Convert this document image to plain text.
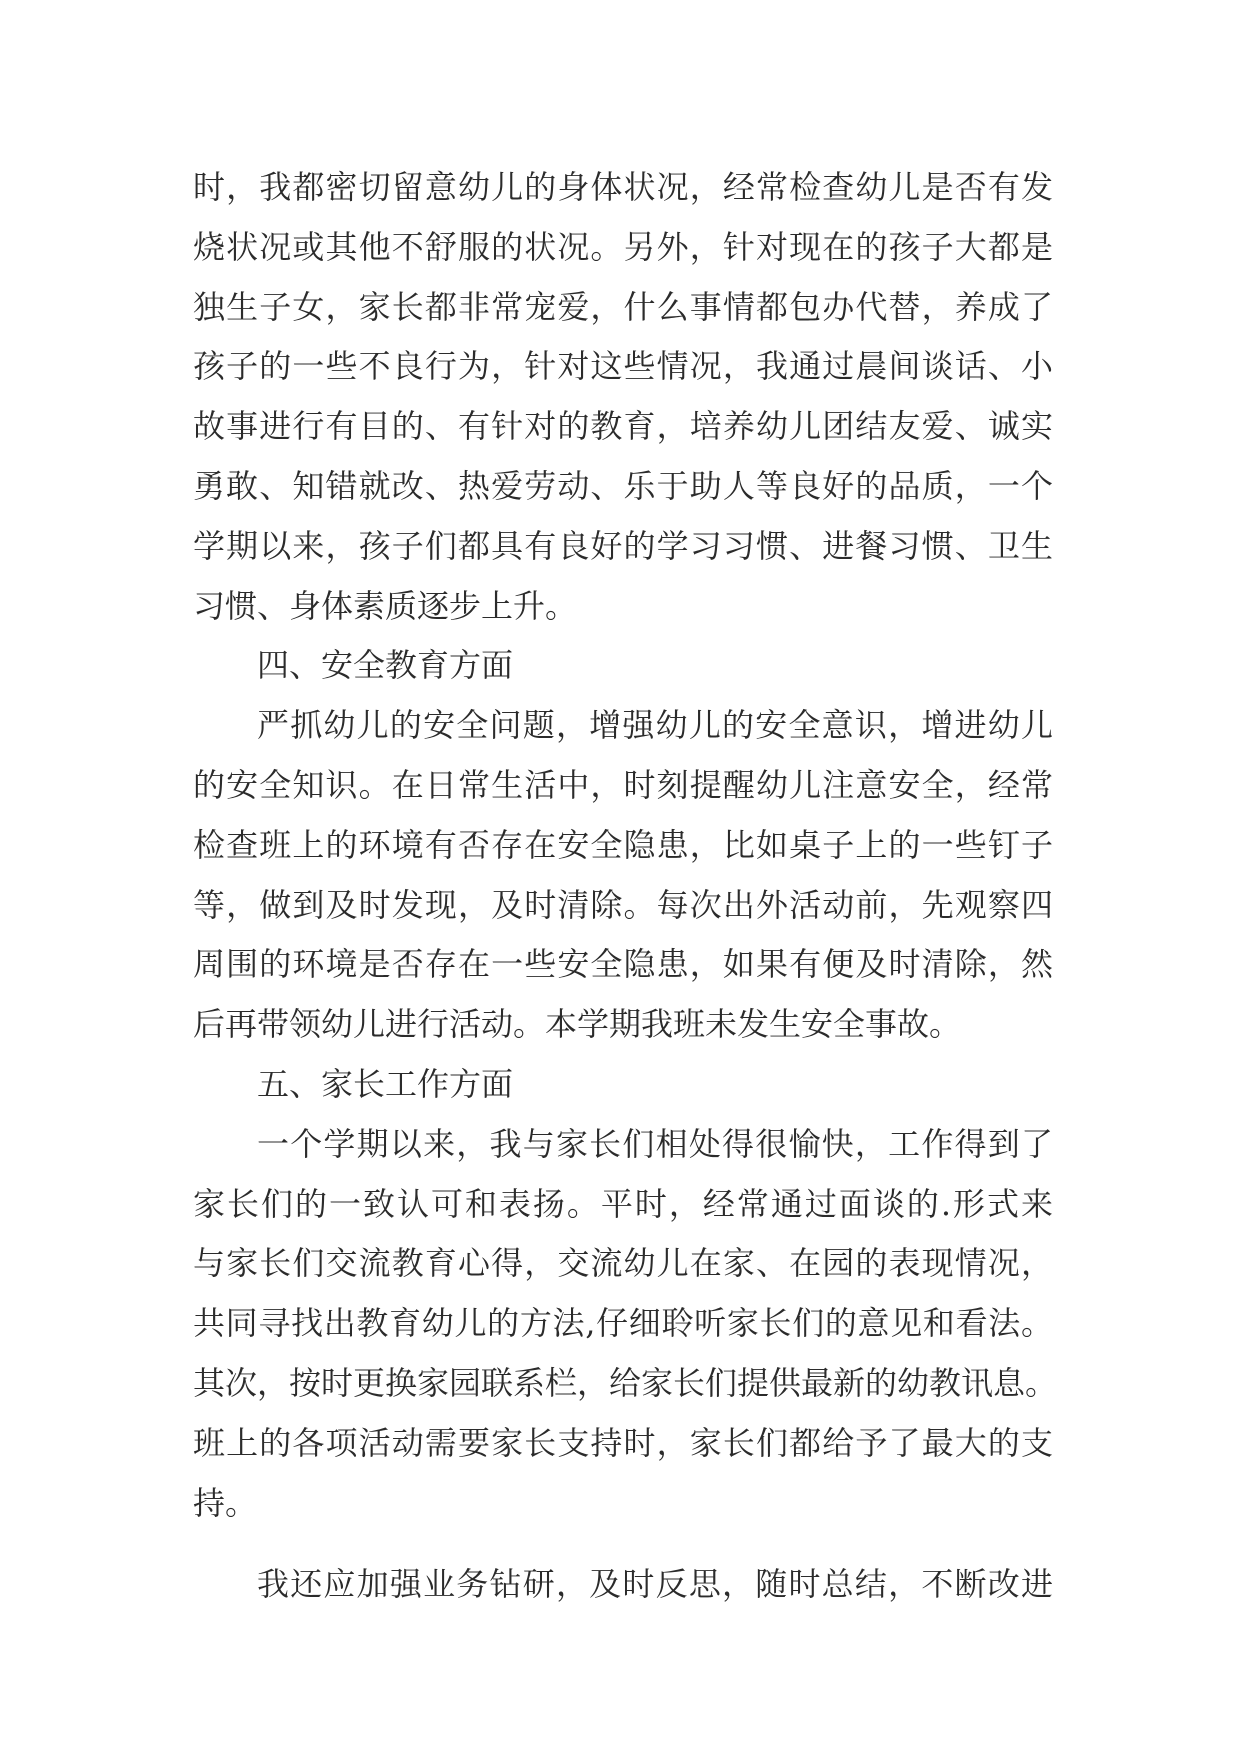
时，我都密切留意幼儿的身体状况，经常检查幼儿是否有发
烧状况或其他不舒服的状况。另外，针对现在的孩子大都是
独生子女，家长都非常宠爱，什么事情都包办代替，养成了
孩子的一些不良行为，针对这些情况，我通过晨间谈话、小
故事进行有目的、有针对的教育，培养幼儿团结友爱、诚实
勇敢、知错就改、热爱劳动、乐于助人等良好的品质，一个
学期以来，孩子们都具有良好的学习习惯、进餐习惯、卫生
习惯、身体素质逐步上升。
四、安全教育方面
严抓幼儿的安全问题，增强幼儿的安全意识，增进幼儿
的安全知识。在日常生活中，时刻提醒幼儿注意安全，经常
检查班上的环境有否存在安全隐患，比如桌子上的一些钉子
等，做到及时发现，及时清除。每次出外活动前，先观察四
周围的环境是否存在一些安全隐患，如果有便及时清除，然
后再带领幼儿进行活动。本学期我班未发生安全事故。
五、家长工作方面
一个学期以来，我与家长们相处得很愉快，工作得到了
家长们的一致认可和表扬。平时，经常通过面谈的.形式来
与家长们交流教育心得，交流幼儿在家、在园的表现情况，
共同寻找出教育幼儿的方法,仔细聆听家长们的意见和看法。
其次，按时更换家园联系栏，给家长们提供最新的幼教讯息。
班上的各项活动需要家长支持时，家长们都给予了最大的支
持。
我还应加强业务钻研，及时反思，随时总结，不断改进
